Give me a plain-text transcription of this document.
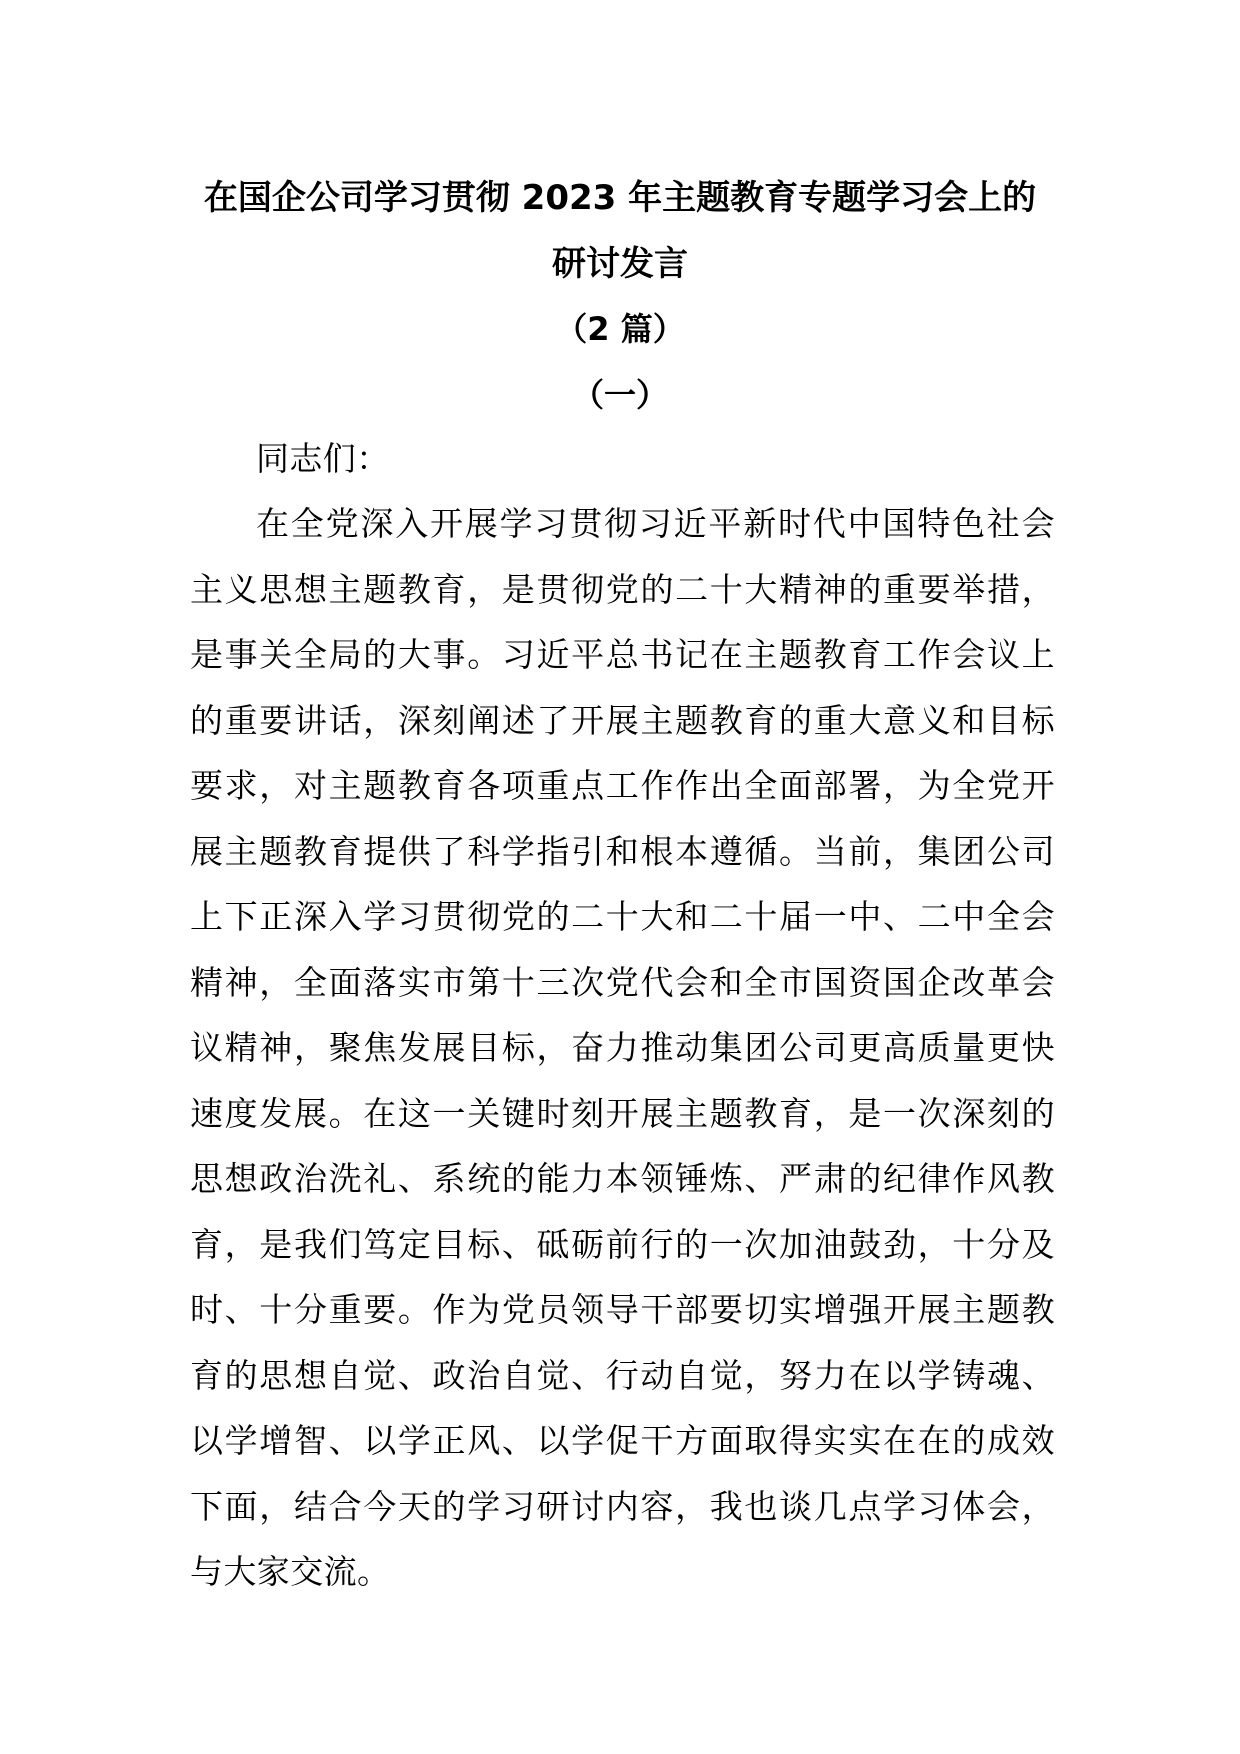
在国企公司学习贯彻 2023 年主题教育专题学习会上的研讨发言

（2 篇）

（一）

同志们：

在全党深入开展学习贯彻习近平新时代中国特色社会主义思想主题教育，是贯彻党的二十大精神的重要举措，是事关全局的大事。习近平总书记在主题教育工作会议上的重要讲话，深刻阐述了开展主题教育的重大意义和目标要求，对主题教育各项重点工作作出全面部署，为全党开展主题教育提供了科学指引和根本遵循。当前，集团公司上下正深入学习贯彻党的二十大和二十届一中、二中全会精神，全面落实市第十三次党代会和全市国资国企改革会议精神，聚焦发展目标，奋力推动集团公司更高质量更快速度发展。在这一关键时刻开展主题教育，是一次深刻的思想政治洗礼、系统的能力本领锤炼、严肃的纪律作风教育，是我们笃定目标、砥砺前行的一次加油鼓劲，十分及时、十分重要。作为党员领导干部要切实增强开展主题教育的思想自觉、政治自觉、行动自觉，努力在以学铸魂、以学增智、以学正风、以学促干方面取得实实在在的成效下面，结合今天的学习研讨内容，我也谈几点学习体会，与大家交流。
